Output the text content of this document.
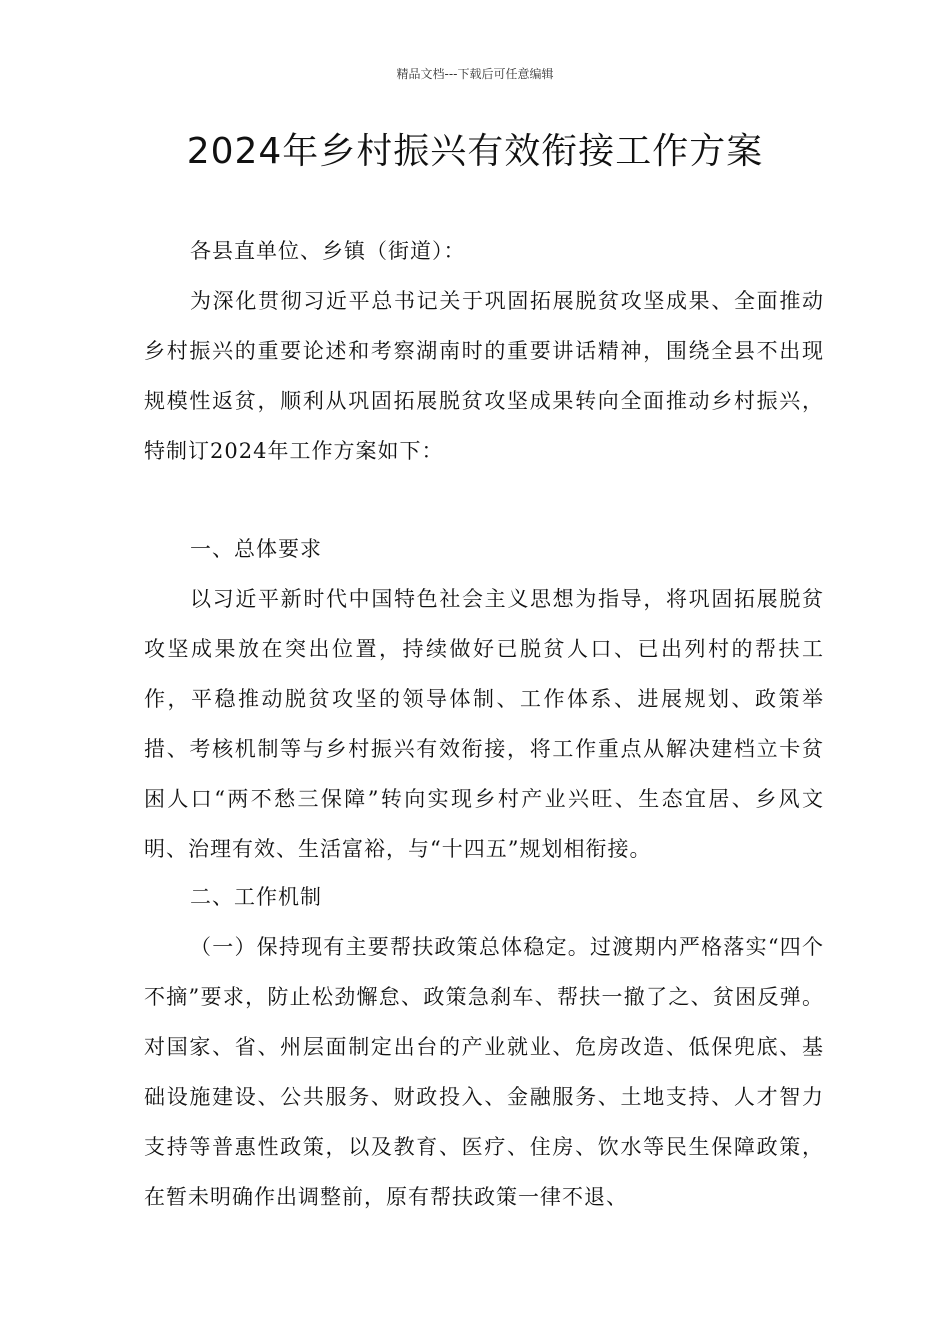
精品文档---下载后可任意编辑
2024年乡村振兴有效衔接工作方案

各县直单位、乡镇（街道）：

为深化贯彻习近平总书记关于巩固拓展脱贫攻坚成果、全面推动乡村振兴的重要论述和考察湖南时的重要讲话精神，围绕全县不出现规模性返贫，顺利从巩固拓展脱贫攻坚成果转向全面推动乡村振兴，特制订2024年工作方案如下：

一、总体要求

以习近平新时代中国特色社会主义思想为指导，将巩固拓展脱贫攻坚成果放在突出位置，持续做好已脱贫人口、已出列村的帮扶工作，平稳推动脱贫攻坚的领导体制、工作体系、进展规划、政策举措、考核机制等与乡村振兴有效衔接，将工作重点从解决建档立卡贫困人口“两不愁三保障”转向实现乡村产业兴旺、生态宜居、乡风文明、治理有效、生活富裕，与“十四五”规划相衔接。

二、工作机制

（一）保持现有主要帮扶政策总体稳定。过渡期内严格落实“四个不摘”要求，防止松劲懈怠、政策急刹车、帮扶一撤了之、贫困反弹。对国家、省、州层面制定出台的产业就业、危房改造、低保兜底、基础设施建设、公共服务、财政投入、金融服务、土地支持、人才智力支持等普惠性政策，以及教育、医疗、住房、饮水等民生保障政策，在暂未明确作出调整前，原有帮扶政策一律不退、
